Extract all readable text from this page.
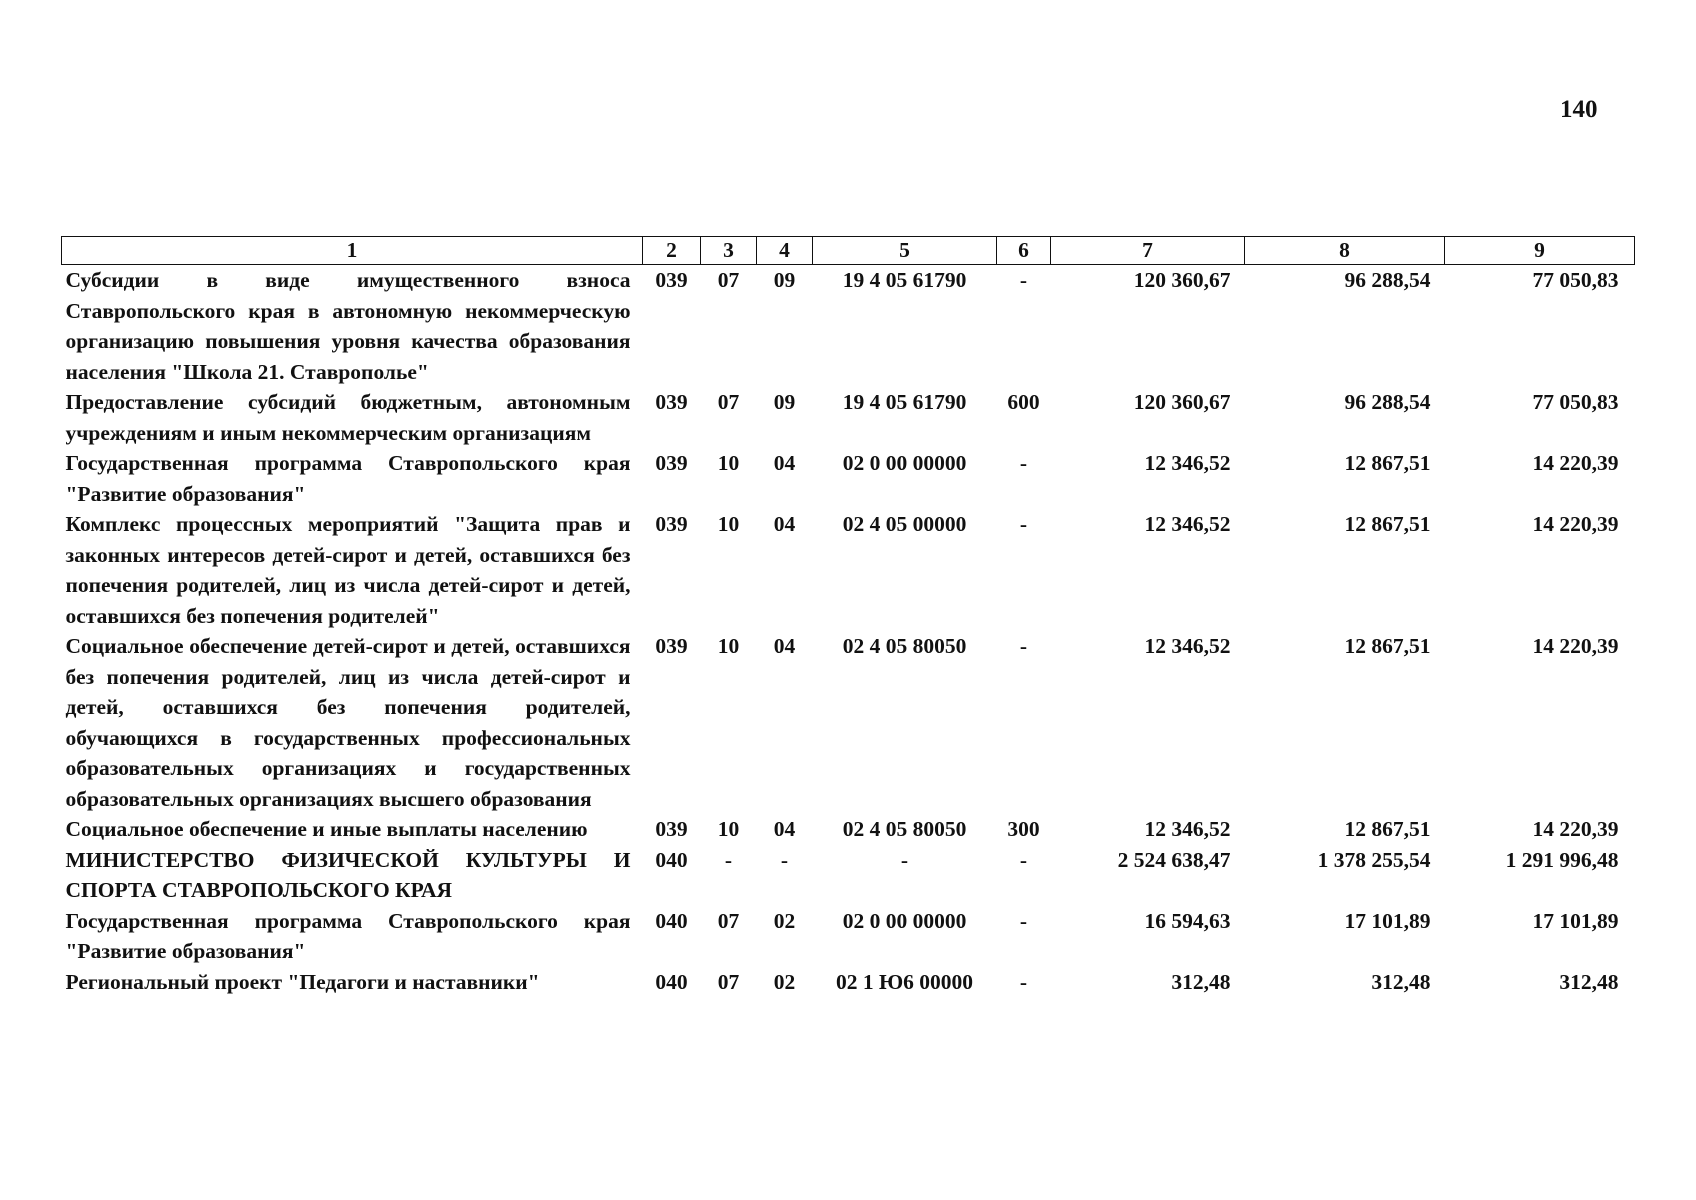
140
1	2	3	4	5	6	7	8	9
Субсидии в виде имущественного взноса Ставропольского края в автономную некоммерческую организацию повышения уровня качества образования населения "Школа 21. Ставрополье"	039	07	09	19 4 05 61790	-	120 360,67	96 288,54	77 050,83
Предоставление субсидий бюджетным, автономным учреждениям и иным некоммерческим организациям	039	07	09	19 4 05 61790	600	120 360,67	96 288,54	77 050,83
Государственная программа Ставропольского края "Развитие образования"	039	10	04	02 0 00 00000	-	12 346,52	12 867,51	14 220,39
Комплекс процессных мероприятий "Защита прав и законных интересов детей-сирот и детей, оставшихся без попечения родителей, лиц из числа детей-сирот и детей, оставшихся без попечения родителей"	039	10	04	02 4 05 00000	-	12 346,52	12 867,51	14 220,39
Социальное обеспечение детей-сирот и детей, оставшихся без попечения родителей, лиц из числа детей-сирот и детей, оставшихся без попечения родителей, обучающихся в государственных профессиональных образовательных организациях и государственных образовательных организациях высшего образования	039	10	04	02 4 05 80050	-	12 346,52	12 867,51	14 220,39
Социальное обеспечение и иные выплаты населению	039	10	04	02 4 05 80050	300	12 346,52	12 867,51	14 220,39
МИНИСТЕРСТВО ФИЗИЧЕСКОЙ КУЛЬТУРЫ И СПОРТА СТАВРОПОЛЬСКОГО КРАЯ	040	-	-	-	-	2 524 638,47	1 378 255,54	1 291 996,48
Государственная программа Ставропольского края "Развитие образования"	040	07	02	02 0 00 00000	-	16 594,63	17 101,89	17 101,89
Региональный проект "Педагоги и наставники"	040	07	02	02 1 Ю6 00000	-	312,48	312,48	312,48
